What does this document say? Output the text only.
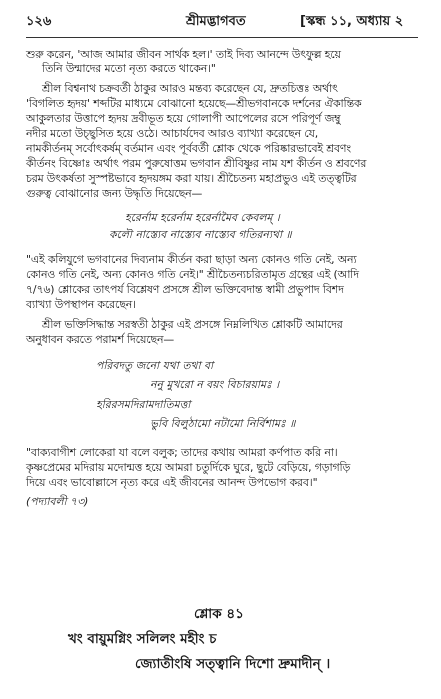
১২৬	শ্রীমদ্ভাগবত	[স্কন্ধ ১১, অধ্যায় ২
শুরু করেন, 'আজ আমার জীবন সার্থক হল।' তাই দিব্য আনন্দে উৎফুল্ল হয়ে
তিনি উন্মাদের মতো নৃত্য করতে থাকেন।"
শ্রীল বিশ্বনাথ চক্রবর্তী ঠাকুর আরও মন্তব্য করেছেন যে, দ্রুতচিত্তঃ অর্থাৎ
'বিগলিত হৃদয়' শব্দটির মাধ্যমে বোঝানো হয়েছে—শ্রীভগবানকে দর্শনের ঐকান্তিক
আকুলতার উত্তাপে হৃদয় দ্রবীভূত হয়ে গোলাপী আপেলের রসে পরিপূর্ণ জম্বু
নদীর মতো উচ্ছ্বসিত হয়ে ওঠে। আচার্যদেব আরও ব্যাখ্যা করেছেন যে,
নামকীর্তনম্ সর্বোৎকর্ষম্ বর্তমান এবং পূর্ববর্তী শ্লোক থেকে পরিষ্কারভাবেই শ্রবণং
কীর্তনং বিষ্ণোঃ অর্থাৎ পরম পুরুষোত্তম ভগবান শ্রীবিষ্ণুর নাম যশ কীর্তন ও শ্রবণের
চরম উৎকর্ষতা সুস্পষ্টভাবে হৃদয়ঙ্গম করা যায়। শ্রীচৈতন্য মহাপ্রভুও এই তত্ত্বটির
গুরুত্ব বোঝানোর জন্য উদ্ধৃতি দিয়েছেন—
হরের্নাম হরের্নাম হরের্নামৈব কেবলম্ ।
কলৌ নাস্ত্যেব নাস্ত্যেব নাস্ত্যেব গতিরন্যথা ॥
"এই কলিযুগে ভগবানের দিব্যনাম কীর্তন করা ছাড়া অন্য কোনও গতি নেই, অন্য
কোনও গতি নেই, অন্য কোনও গতি নেই।" শ্রীচৈতন্যচরিতামৃত গ্রন্থের এই (আদি
৭/৭৬) শ্লোকের তাৎপর্য বিশ্লেষণ প্রসঙ্গে শ্রীল ভক্তিবেদান্ত স্বামী প্রভুপাদ বিশদ
ব্যাখ্যা উপস্থাপন করেছেন।
শ্রীল ভক্তিসিদ্ধান্ত সরস্বতী ঠাকুর এই প্রসঙ্গে নিম্নলিখিত শ্লোকটি আমাদের
অনুধাবন করতে পরামর্শ দিয়েছেন—
পরিবদতু জনো যথা তথা বা
ননু মুখরো ন বয়ং বিচারয়ামঃ ।
হরিরসমদিরামদাতিমত্তা
ভুবি বিলুঠামো নটামো নির্বিশামঃ ॥
"বাক্যবাগীশ লোকেরা যা বলে বলুক; তাদের কথায় আমরা কর্ণপাত করি না।
কৃষ্ণপ্রেমের মদিরায় মদোন্মত্ত হয়ে আমরা চতুর্দিকে ঘুরে, ছুটে বেড়িয়ে, গড়াগড়ি
দিয়ে এবং ভাবোল্লাসে নৃত্য করে এই জীবনের আনন্দ উপভোগ করব।"
(পদ্যাবলী ৭৩)
শ্লোক ৪১
খং বায়ুমগ্নিং সলিলং মহীং চ
জ্যোতীংষি সত্ত্বানি দিশো দ্রুমাদীন্ ।
